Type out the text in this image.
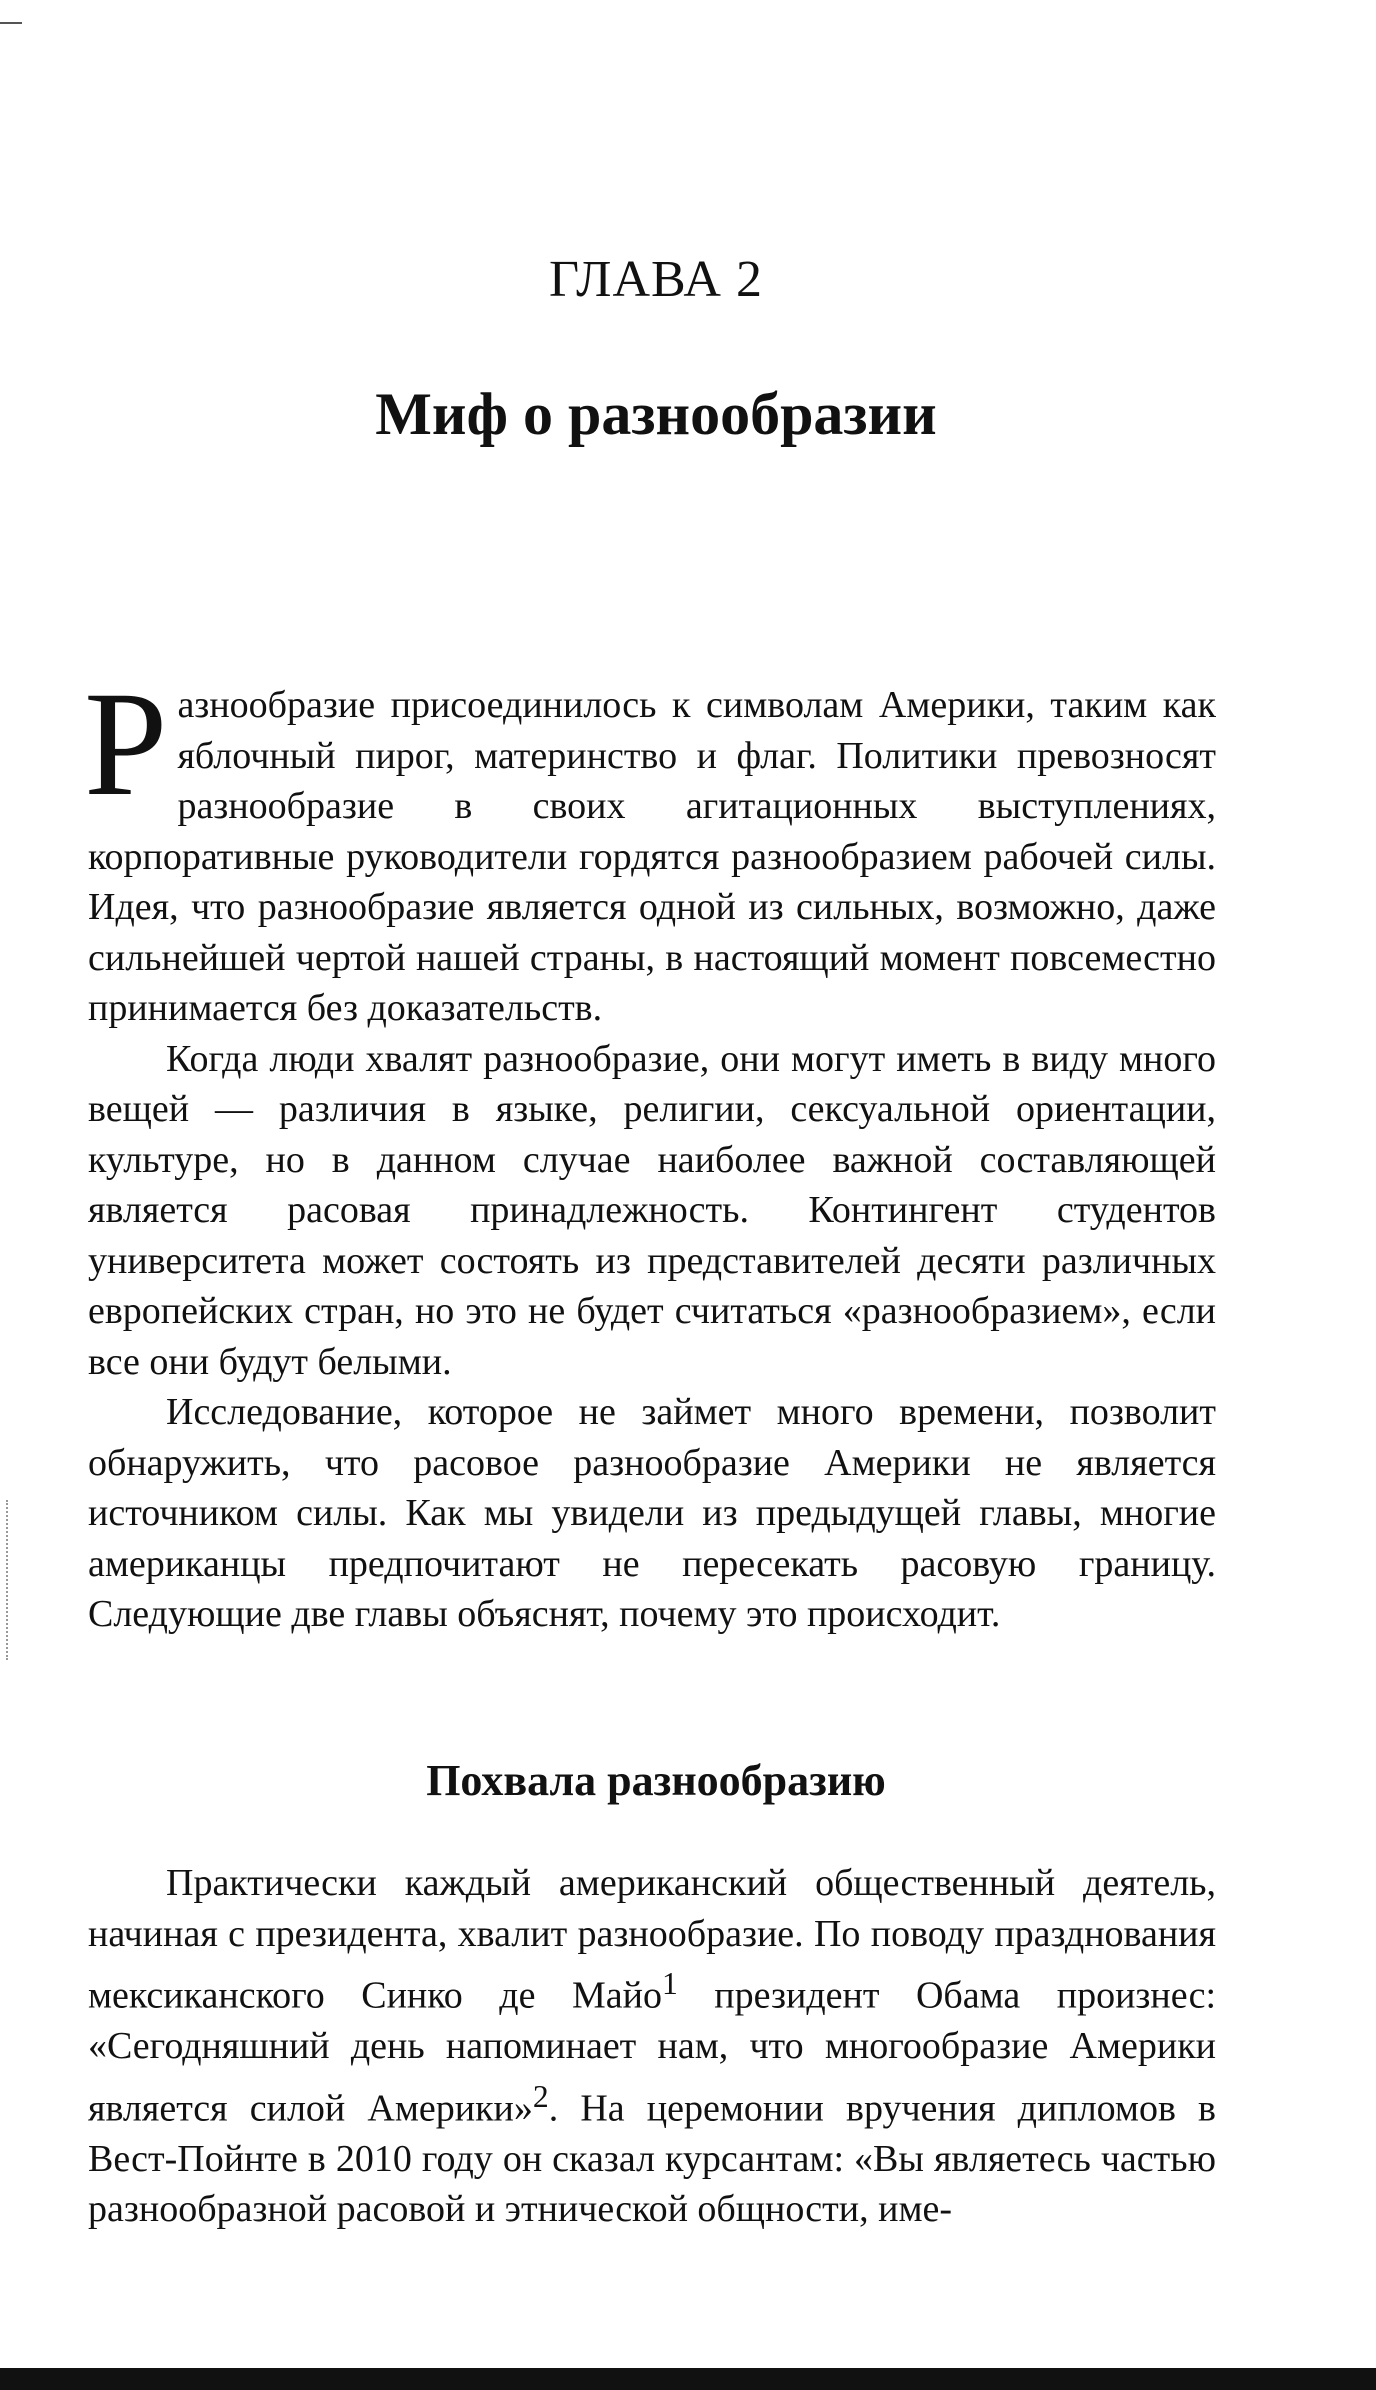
ГЛАВА 2
Миф о разнообразии

Разнообразие присоединилось к символам Америки, таким как яблочный пирог, материнство и флаг. Политики превозносят разнообразие в своих агитационных выступлениях, корпоративные руководители гордятся разнообразием рабочей силы. Идея, что разнообразие является одной из сильных, возможно, даже сильнейшей чертой нашей страны, в настоящий момент повсеместно принимается без доказательств.

Когда люди хвалят разнообразие, они могут иметь в виду много вещей — различия в языке, религии, сексуальной ориентации, культуре, но в данном случае наиболее важной составляющей является расовая принадлежность. Контингент студентов университета может состоять из представителей десяти различных европейских стран, но это не будет считаться «разнообразием», если все они будут белыми.

Исследование, которое не займет много времени, позволит обнаружить, что расовое разнообразие Америки не является источником силы. Как мы увидели из предыдущей главы, многие американцы предпочитают не пересекать расовую границу. Следующие две главы объяснят, почему это происходит.

Похвала разнообразию

Практически каждый американский общественный деятель, начиная с президента, хвалит разнообразие. По поводу празднования мексиканского Синко де Майо$^1$ президент Обама произнес: «Сегодняшний день напоминает нам, что многообразие Америки является силой Америки»$^2$. На церемонии вручения дипломов в Вест-Пойнте в 2010 году он сказал курсантам: «Вы являетесь частью разнообразной расовой и этнической общности, име-
